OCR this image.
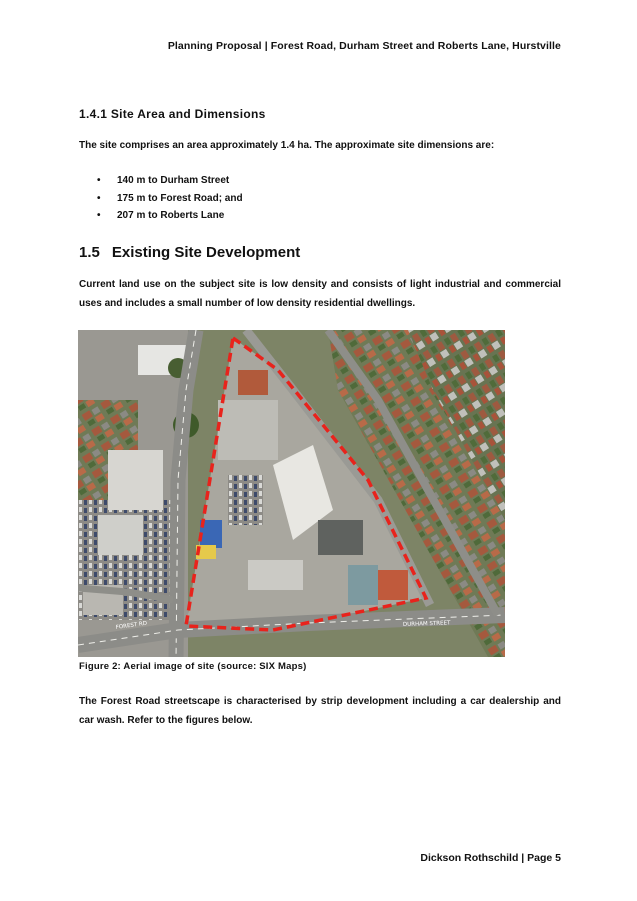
Planning Proposal | Forest Road, Durham Street and Roberts Lane, Hurstville
1.4.1 Site Area and Dimensions
The site comprises an area approximately 1.4 ha. The approximate site dimensions are:
• 140 m to Durham Street
• 175 m to Forest Road; and
• 207 m to Roberts Lane
1.5 Existing Site Development
Current land use on the subject site is low density and consists of light industrial and commercial uses and includes a small number of low density residential dwellings.
DURHAM STREET
FOREST RD
Figure 2: Aerial image of site (source: SIX Maps)
The Forest Road streetscape is characterised by strip development including a car dealership and car wash. Refer to the figures below.
Dickson Rothschild | Page 5
